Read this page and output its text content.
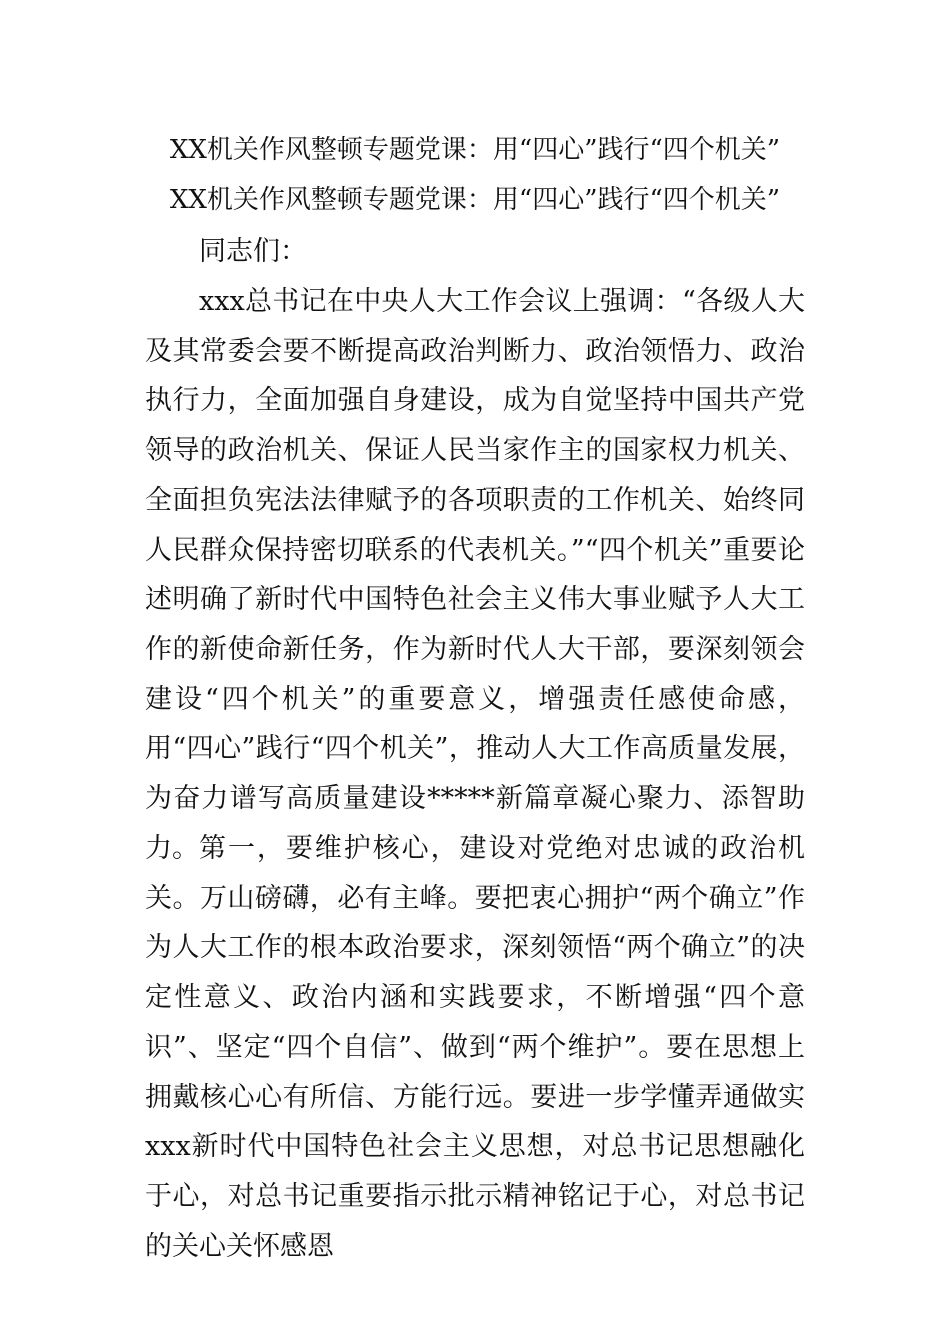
XX机关作风整顿专题党课：用“四心”践行“四个机关”
XX机关作风整顿专题党课：用“四心”践行“四个机关”

同志们：

xxx总书记在中央人大工作会议上强调：“各级人大及其常委会要不断提高政治判断力、政治领悟力、政治执行力，全面加强自身建设，成为自觉坚持中国共产党领导的政治机关、保证人民当家作主的国家权力机关、全面担负宪法法律赋予的各项职责的工作机关、始终同人民群众保持密切联系的代表机关。”“四个机关”重要论述明确了新时代中国特色社会主义伟大事业赋予人大工作的新使命新任务，作为新时代人大干部，要深刻领会建设“四个机关”的重要意义，增强责任感使命感，用“四心”践行“四个机关”，推动人大工作高质量发展，为奋力谱写高质量建设*****新篇章凝心聚力、添智助力。 第一，要维护核心，建设对党绝对忠诚的政治机关。万山磅礴，必有主峰。要把衷心拥护“两个确立”作为人大工作的根本政治要求，深刻领悟“两个确立”的决定性意义、政治内涵和实践要求，不断增强“四个意识”、坚定“四个自信”、做到“两个维护”。要在思想上拥戴核心心有所信、方能行远。要进一步学懂弄通做实xxx新时代中国特色社会主义思想，对总书记思想融化于心，对总书记重要指示批示精神铭记于心，对总书记的关心关怀感恩
